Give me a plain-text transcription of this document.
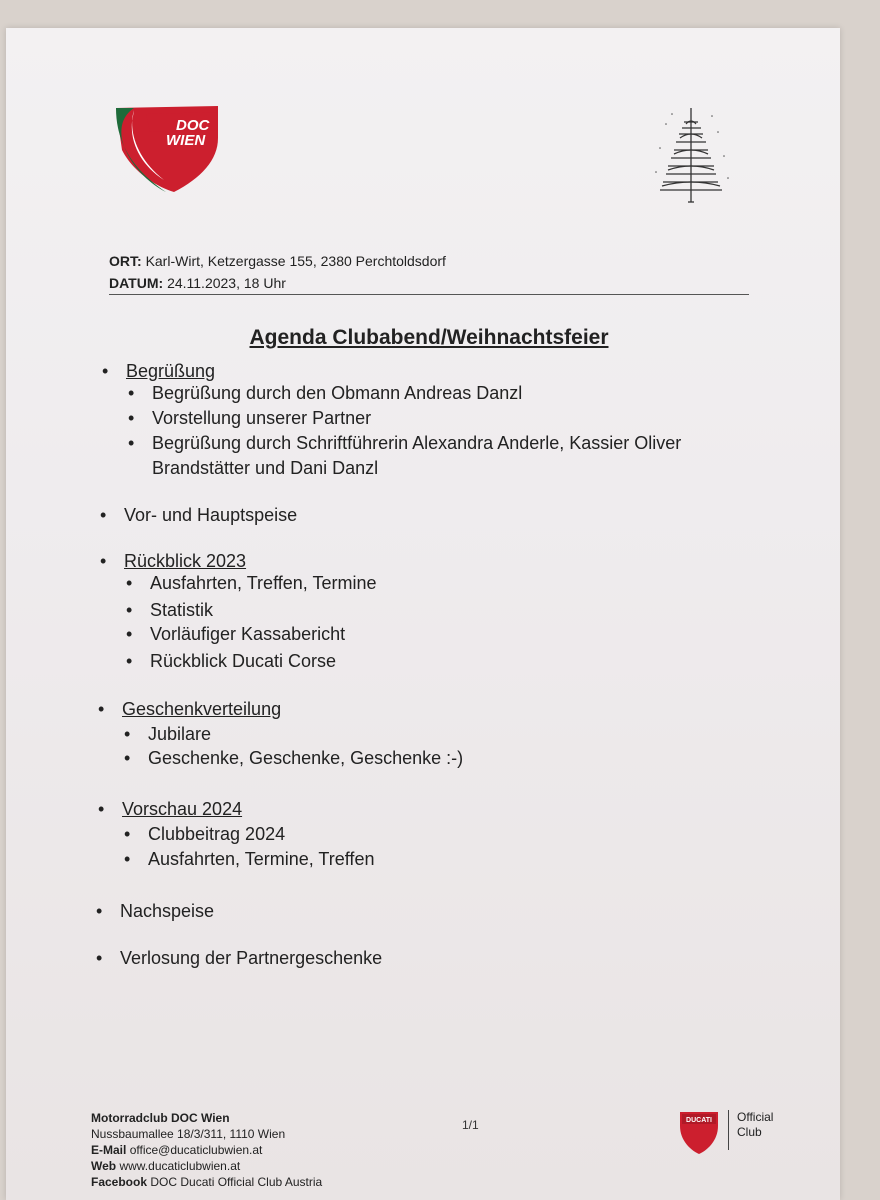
DOC
WIEN
ORT: Karl-Wirt, Ketzergasse 155, 2380 Perchtoldsdorf
DATUM: 24.11.2023, 18 Uhr
Agenda Clubabend/Weihnachtsfeier
• Begrüßung
• Begrüßung durch den Obmann Andreas Danzl
• Vorstellung unserer Partner
• Begrüßung durch Schriftführerin Alexandra Anderle, Kassier Oliver
Brandstätter und Dani Danzl
• Vor- und Hauptspeise
• Rückblick 2023
• Ausfahrten, Treffen, Termine
• Statistik
• Vorläufiger Kassabericht
• Rückblick Ducati Corse
• Geschenkverteilung
• Jubilare
• Geschenke, Geschenke, Geschenke :-)
• Vorschau 2024
• Clubbeitrag 2024
• Ausfahrten, Termine, Treffen
• Nachspeise
• Verlosung der Partnergeschenke
Motorradclub DOC Wien
Nussbaumallee 18/3/311, 1110 Wien
E-Mail office@ducaticlubwien.at
Web www.ducaticlubwien.at
Facebook DOC Ducati Official Club Austria
1/1	DUCATI Official
Club
